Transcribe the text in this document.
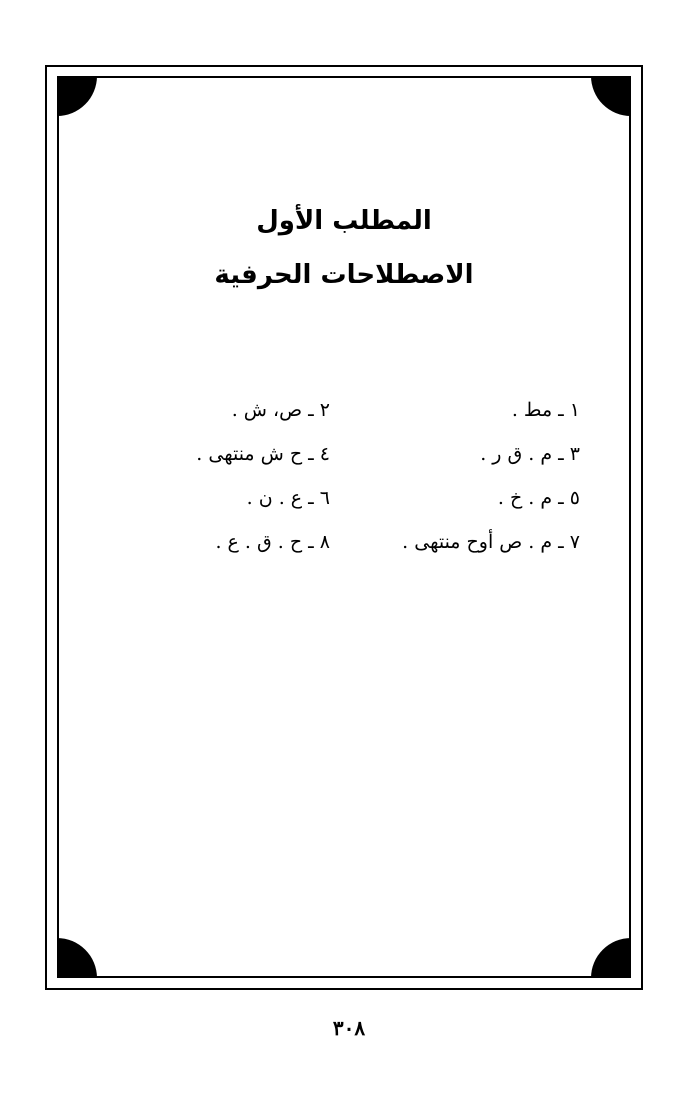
المطلب الأول
الاصطلاحات الحرفية
١ ـ مط .
٢ ـ ص، ش .
٣ ـ م . ق ر .
٤ ـ ح ش منتهى .
٥ ـ م . خ .
٦ ـ ع . ن .
٧ ـ م . ص أوح منتهى .
٨ ـ ح . ق . ع .
٣٠٨
